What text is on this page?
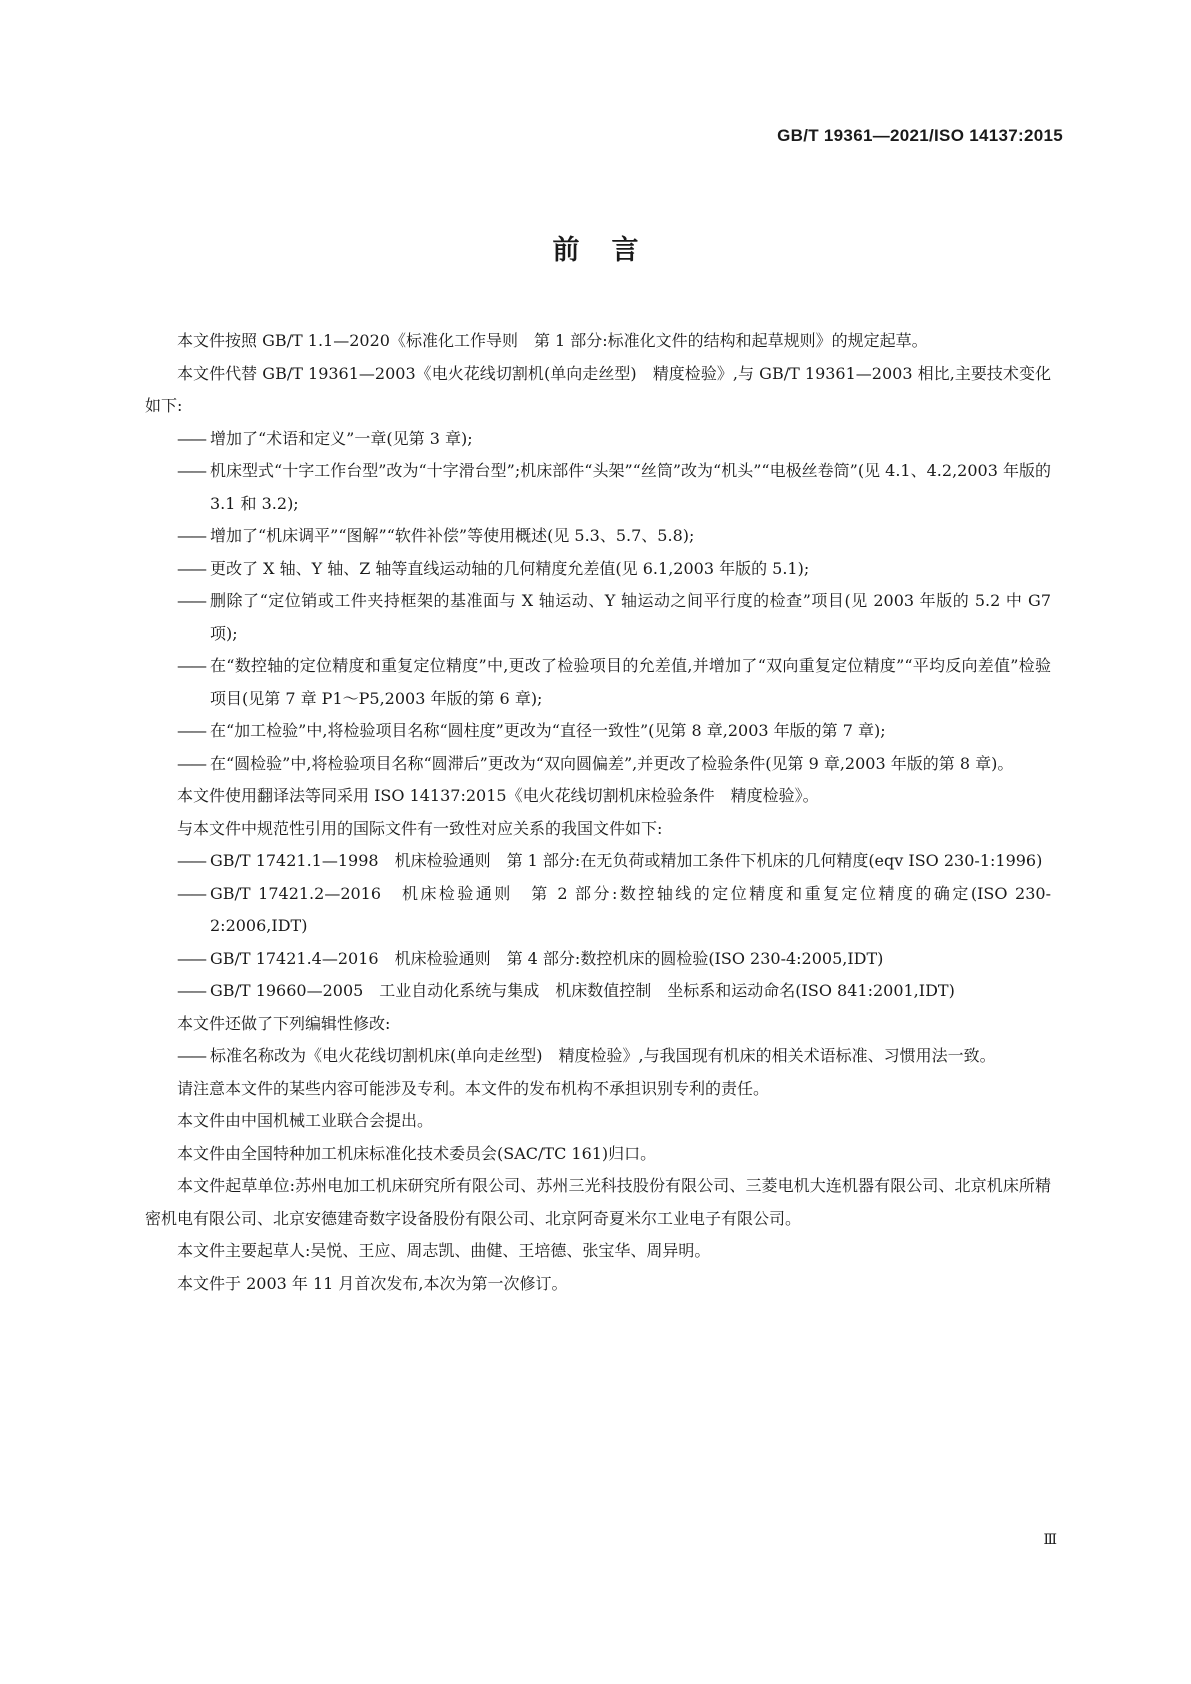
GB/T 19361—2021/ISO 14137:2015
前言

本文件按照 GB/T 1.1—2020《标准化工作导则　第 1 部分:标准化文件的结构和起草规则》的规定起草。

本文件代替 GB/T 19361—2003《电火花线切割机(单向走丝型)　精度检验》,与 GB/T 19361—2003 相比,主要技术变化如下:

—— 增加了“术语和定义”一章(见第 3 章);

—— 机床型式“十字工作台型”改为“十字滑台型”;机床部件“头架”“丝筒”改为“机头”“电极丝卷筒”(见 4.1、4.2,2003 年版的 3.1 和 3.2);

—— 增加了“机床调平”“图解”“软件补偿”等使用概述(见 5.3、5.7、5.8);

—— 更改了 X 轴、Y 轴、Z 轴等直线运动轴的几何精度允差值(见 6.1,2003 年版的 5.1);

—— 删除了“定位销或工件夹持框架的基准面与 X 轴运动、Y 轴运动之间平行度的检查”项目(见 2003 年版的 5.2 中 G7 项);

—— 在“数控轴的定位精度和重复定位精度”中,更改了检验项目的允差值,并增加了“双向重复定位精度”“平均反向差值”检验项目(见第 7 章 P1～P5,2003 年版的第 6 章);

—— 在“加工检验”中,将检验项目名称“圆柱度”更改为“直径一致性”(见第 8 章,2003 年版的第 7 章);

—— 在“圆检验”中,将检验项目名称“圆滞后”更改为“双向圆偏差”,并更改了检验条件(见第 9 章,2003 年版的第 8 章)。

本文件使用翻译法等同采用 ISO 14137:2015《电火花线切割机床检验条件　精度检验》。

与本文件中规范性引用的国际文件有一致性对应关系的我国文件如下:

—— GB/T 17421.1—1998　机床检验通则　第 1 部分:在无负荷或精加工条件下机床的几何精度(eqv ISO 230-1:1996)

—— GB/T 17421.2—2016　机床检验通则　第 2 部分:数控轴线的定位精度和重复定位精度的确定(ISO 230-2:2006,IDT)

—— GB/T 17421.4—2016　机床检验通则　第 4 部分:数控机床的圆检验(ISO 230-4:2005,IDT)

—— GB/T 19660—2005　工业自动化系统与集成　机床数值控制　坐标系和运动命名(ISO 841:2001,IDT)

本文件还做了下列编辑性修改:

—— 标准名称改为《电火花线切割机床(单向走丝型)　精度检验》,与我国现有机床的相关术语标准、习惯用法一致。

请注意本文件的某些内容可能涉及专利。本文件的发布机构不承担识别专利的责任。

本文件由中国机械工业联合会提出。

本文件由全国特种加工机床标准化技术委员会(SAC/TC 161)归口。

本文件起草单位:苏州电加工机床研究所有限公司、苏州三光科技股份有限公司、三菱电机大连机器有限公司、北京机床所精密机电有限公司、北京安德建奇数字设备股份有限公司、北京阿奇夏米尔工业电子有限公司。

本文件主要起草人:吴悦、王应、周志凯、曲健、王培德、张宝华、周异明。

本文件于 2003 年 11 月首次发布,本次为第一次修订。

Ⅲ
